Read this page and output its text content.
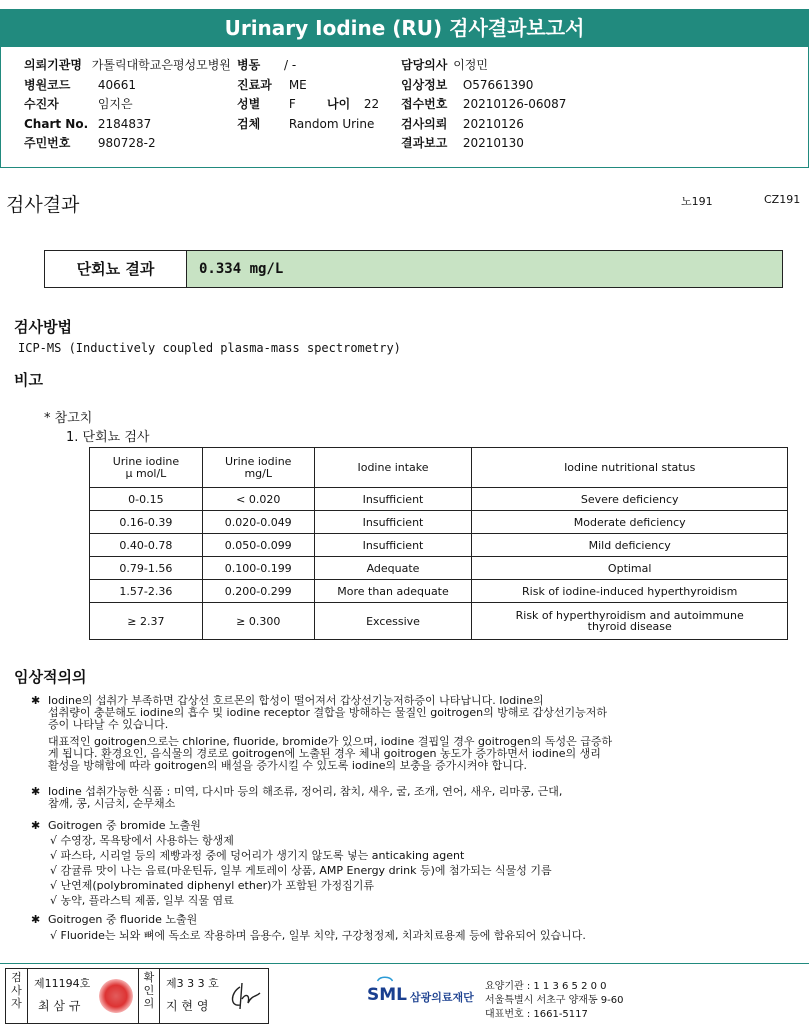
Urinary Iodine (RU) 검사결과보고서
의뢰기관명 가톨릭대학교은평성모병원 병동 / -	담당의사 이정민
병원코드 40661	진료과 ME	임상정보 O57661390
수진자	임지은	성별 F	나이 22 접수번호 20210126-06087
Chart No. 2184837	검체 Random Urine 검사의뢰 20210126
주민번호 980728-2	결과보고 20210130
검사결과	노191	CZ191
단회뇨 결과	0.334 mg/L
검사방법
ICP-MS (Inductively coupled plasma-mass spectrometry)
비고
* 참고치
1. 단회뇨 검사
Urine iodine
μ mol/L	Urine iodine
mg/L	Iodine intake	Iodine nutritional status
0-0.15	< 0.020	Insufficient	Severe deficiency
0.16-0.39	0.020-0.049	Insufficient	Moderate deficiency
0.40-0.78	0.050-0.099	Insufficient	Mild deficiency
0.79-1.56	0.100-0.199	Adequate	Optimal
1.57-2.36	0.200-0.299	More than adequate	Risk of iodine-induced hyperthyroidism
≥ 2.37	≥ 0.300	Excessive	Risk of hyperthyroidism and autoimmune thyroid disease
임상적의의
✱ Iodine의 섭취가 부족하면 갑상선 호르몬의 합성이 떨어져서 갑상선기능저하증이 나타납니다. Iodine의
섭취량이 충분해도 iodine의 흡수 및 iodine receptor 결합을 방해하는 물질인 goitrogen의 방해로 갑상선기능저하
증이 나타날 수 있습니다.
대표적인 goitrogen으로는 chlorine, fluoride, bromide가 있으며, iodine 결핍일 경우 goitrogen의 독성은 급증하
게 됩니다. 환경요인, 음식물의 경로로 goitrogen에 노출된 경우 체내 goitrogen 농도가 증가하면서 iodine의 생리
활성을 방해함에 따라 goitrogen의 배설을 증가시킬 수 있도록 iodine의 보충을 증가시켜야 합니다.
✱ Iodine 섭취가능한 식품 : 미역, 다시마 등의 해조류, 정어리, 참치, 새우, 굴, 조개, 연어, 새우, 리마콩, 근대,
참깨, 콩, 시금치, 순무채소
✱ Goitrogen 중 bromide 노출원
√ 수영장, 목욕탕에서 사용하는 항생제
√ 파스타, 시리얼 등의 제빵과정 중에 덩어리가 생기지 않도록 넣는 anticaking agent
√ 감귤류 맛이 나는 음료(마운틴듀, 일부 게토레이 상품, AMP Energy drink 등)에 첨가되는 식물성 기름
√ 난연제(polybrominated diphenyl ether)가 포함된 가정집기류
√ 농약, 플라스틱 제품, 일부 직물 염료
✱ Goitrogen 중 fluoride 노출원
√ Fluoride는 뇌와 뼈에 독소로 작용하며 음용수, 일부 치약, 구강청정제, 치과치료용제 등에 함유되어 있습니다.
검
사
자
제11194호
최 삼 규
확
인
의
제3 3 3 호
지 현 영
SML 삼광의료재단
요양기관 : 1 1 3 6 5 2 0 0
서울특별시 서초구 양재동 9-60
대표번호 : 1661-5117
